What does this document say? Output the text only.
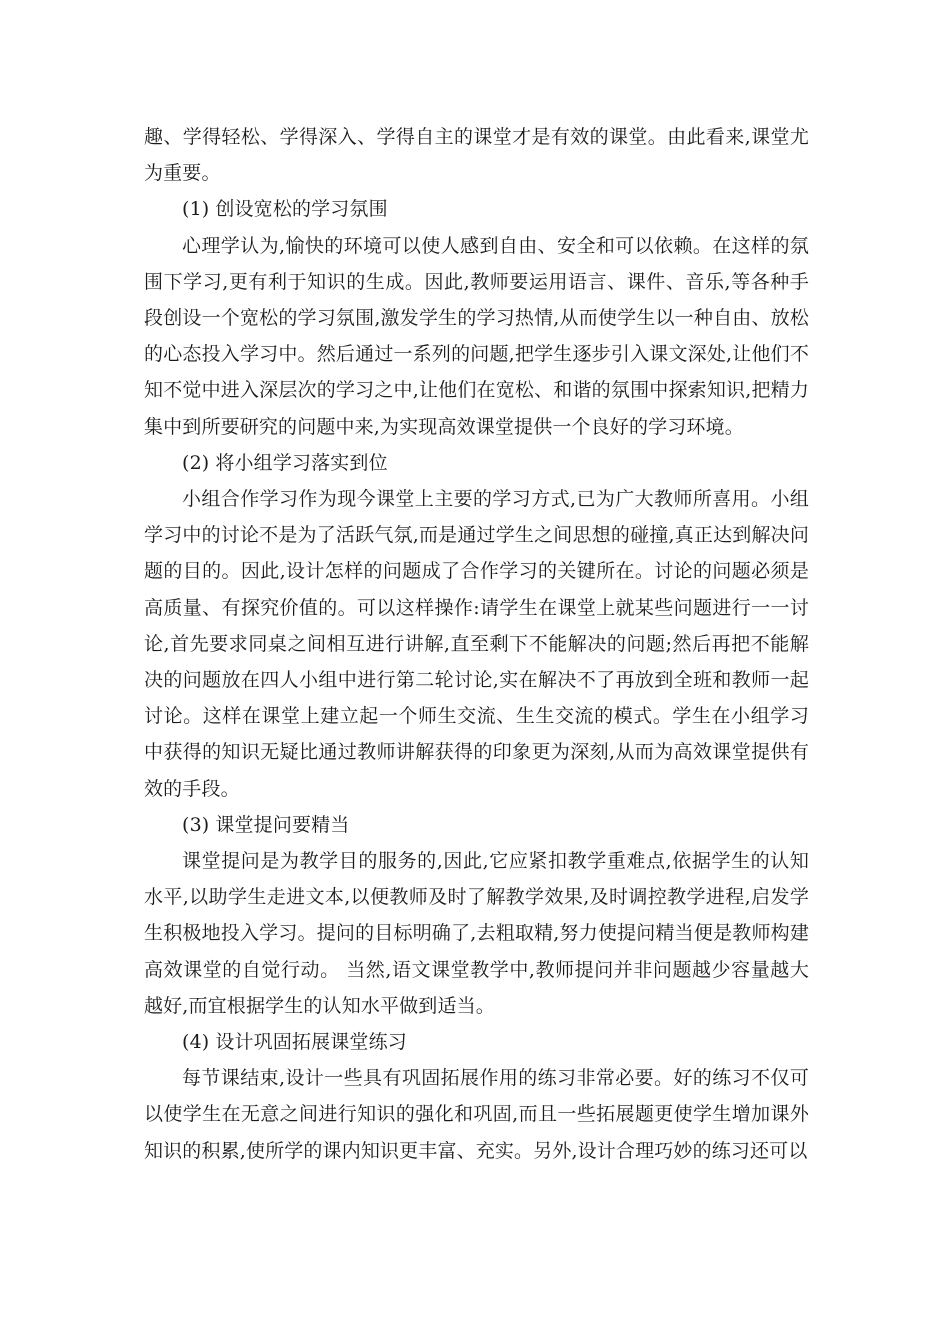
趣、学得轻松、学得深入、学得自主的课堂才是有效的课堂。由此看来,课堂尤为重要。

(1) 创设宽松的学习氛围

心理学认为,愉快的环境可以使人感到自由、安全和可以依赖。在这样的氛围下学习,更有利于知识的生成。因此,教师要运用语言、课件、音乐,等各种手段创设一个宽松的学习氛围,激发学生的学习热情,从而使学生以一种自由、放松的心态投入学习中。然后通过一系列的问题,把学生逐步引入课文深处,让他们不知不觉中进入深层次的学习之中,让他们在宽松、和谐的氛围中探索知识,把精力集中到所要研究的问题中来,为实现高效课堂提供一个良好的学习环境。

(2) 将小组学习落实到位

小组合作学习作为现今课堂上主要的学习方式,已为广大教师所喜用。小组学习中的讨论不是为了活跃气氛,而是通过学生之间思想的碰撞,真正达到解决问题的目的。因此,设计怎样的问题成了合作学习的关键所在。讨论的问题必须是高质量、有探究价值的。可以这样操作:请学生在课堂上就某些问题进行一一讨论,首先要求同桌之间相互进行讲解,直至剩下不能解决的问题;然后再把不能解决的问题放在四人小组中进行第二轮讨论,实在解决不了再放到全班和教师一起讨论。这样在课堂上建立起一个师生交流、生生交流的模式。学生在小组学习中获得的知识无疑比通过教师讲解获得的印象更为深刻,从而为高效课堂提供有效的手段。

(3) 课堂提问要精当

课堂提问是为教学目的服务的,因此,它应紧扣教学重难点,依据学生的认知水平,以助学生走进文本,以便教师及时了解教学效果,及时调控教学进程,启发学生积极地投入学习。提问的目标明确了,去粗取精,努力使提问精当便是教师构建高效课堂的自觉行动。 当然,语文课堂教学中,教师提问并非问题越少容量越大越好,而宜根据学生的认知水平做到适当。

(4) 设计巩固拓展课堂练习

每节课结束,设计一些具有巩固拓展作用的练习非常必要。好的练习不仅可以使学生在无意之间进行知识的强化和巩固,而且一些拓展题更使学生增加课外知识的积累,使所学的课内知识更丰富、充实。另外,设计合理巧妙的练习还可以
